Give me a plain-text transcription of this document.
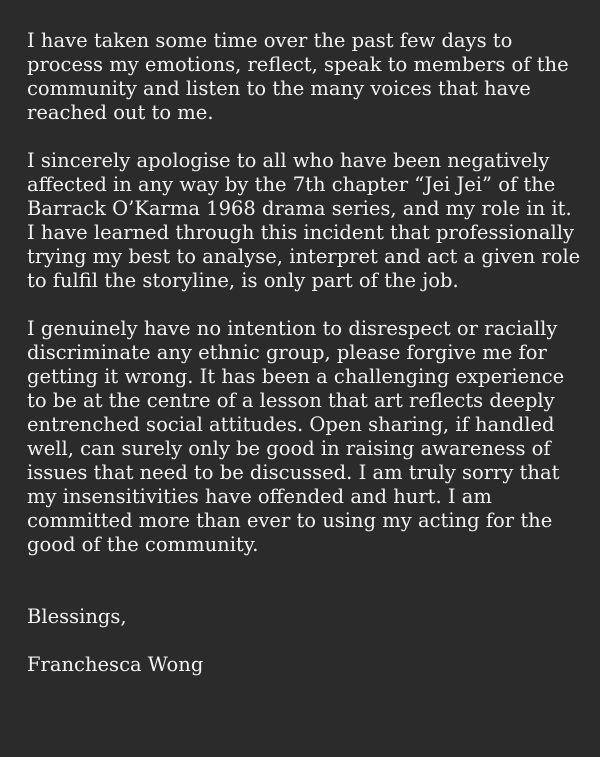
I have taken some time over the past few days to
process my emotions, reflect, speak to members of the
community and listen to the many voices that have
reached out to me.
I sincerely apologise to all who have been negatively
affected in any way by the 7th chapter “Jei Jei” of the
Barrack O’Karma 1968 drama series, and my role in it.
I have learned through this incident that professionally
trying my best to analyse, interpret and act a given role
to fulfil the storyline, is only part of the job.
I genuinely have no intention to disrespect or racially
discriminate any ethnic group, please forgive me for
getting it wrong. It has been a challenging experience
to be at the centre of a lesson that art reflects deeply
entrenched social attitudes. Open sharing, if handled
well, can surely only be good in raising awareness of
issues that need to be discussed. I am truly sorry that
my insensitivities have offended and hurt. I am
committed more than ever to using my acting for the
good of the community.
Blessings,
Franchesca Wong
